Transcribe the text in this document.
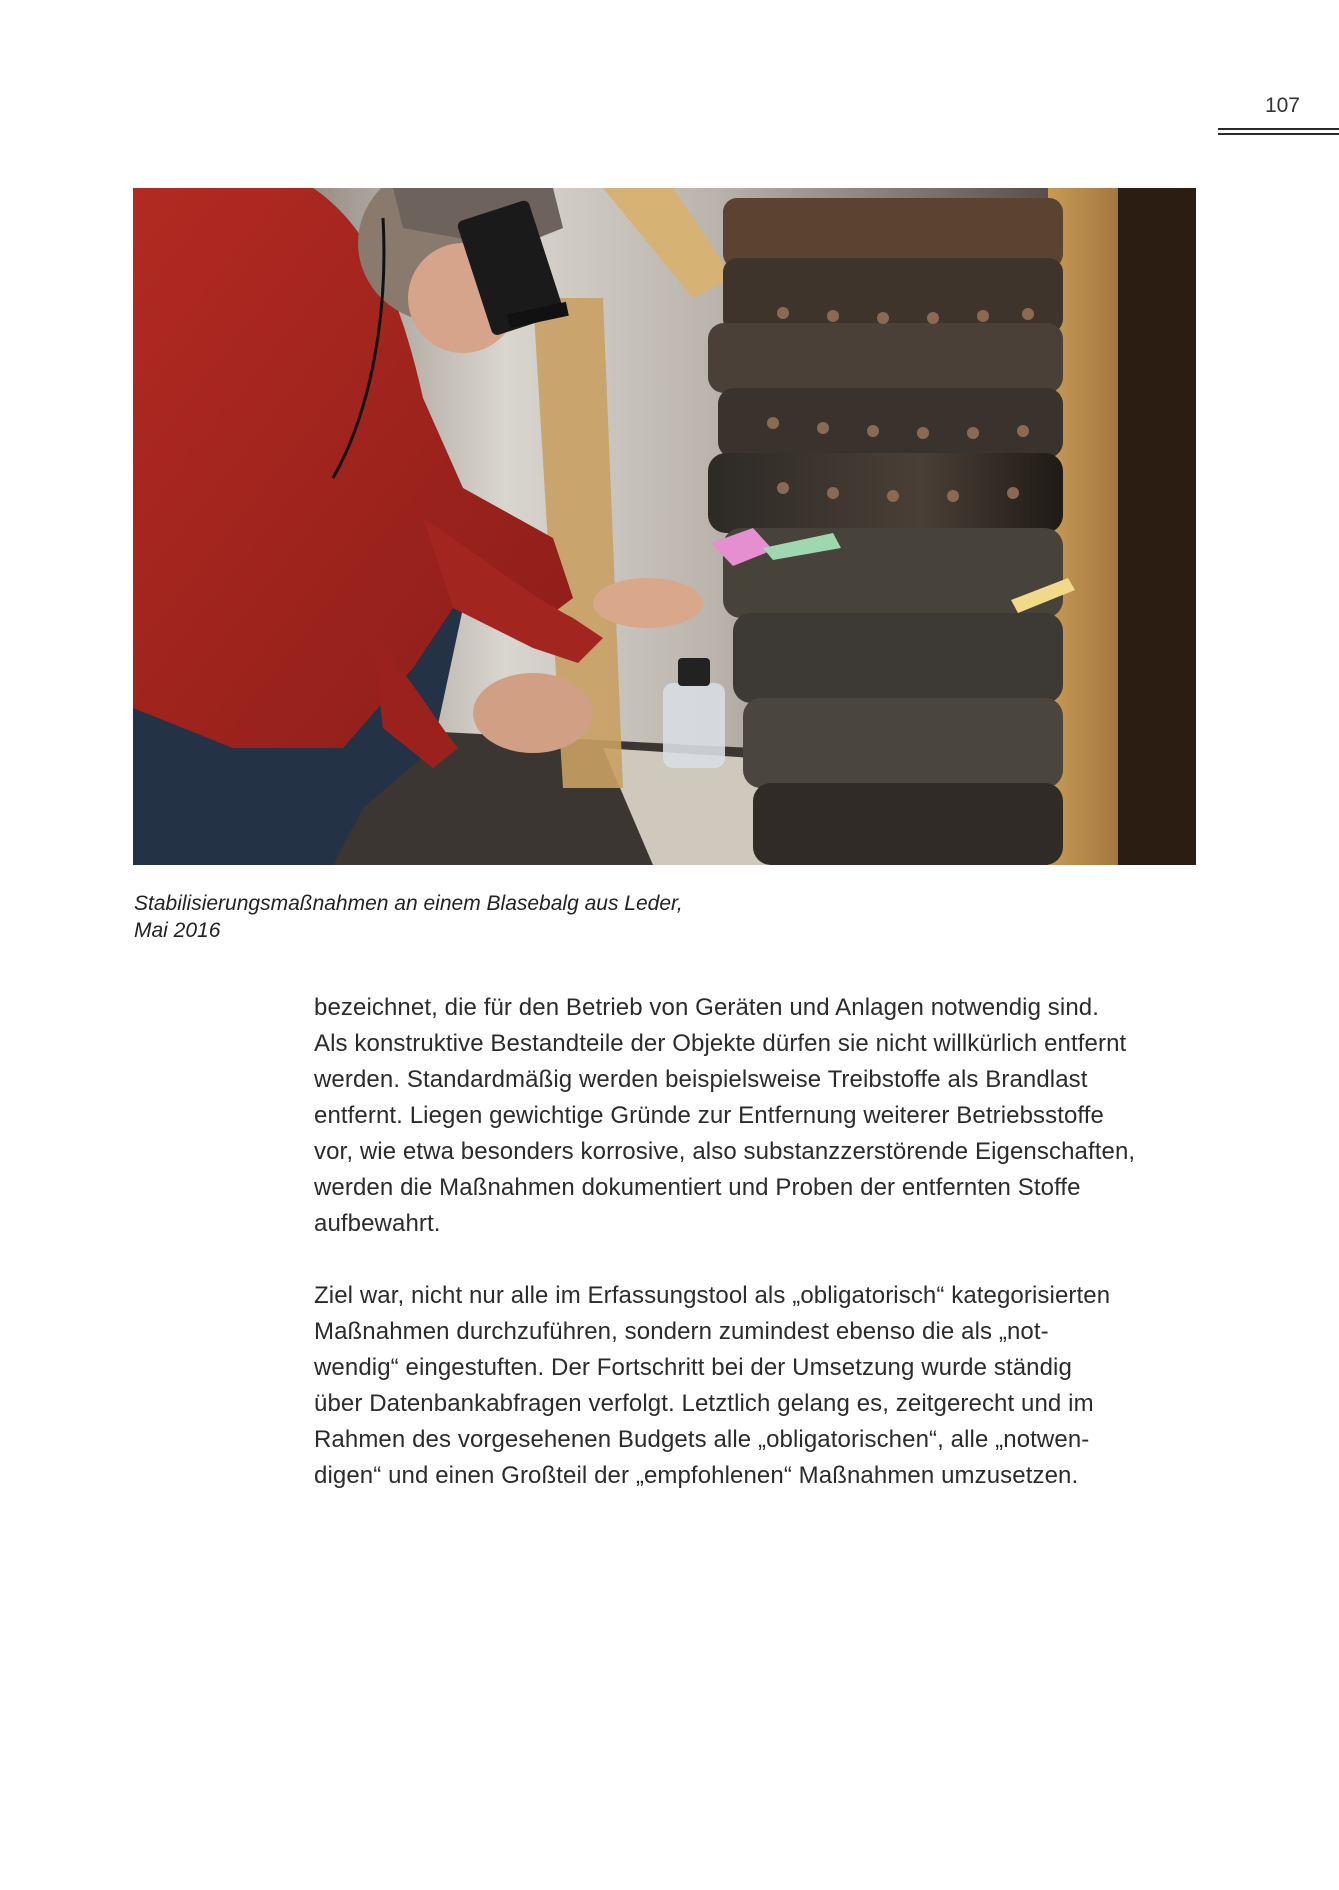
107
Stabilisierungsmaßnahmen an einem Blasebalg aus Leder,
Mai 2016

bezeichnet, die für den Betrieb von Geräten und Anlagen notwendig sind.
Als konstruktive Bestandteile der Objekte dürfen sie nicht willkürlich entfernt
werden. Standardmäßig werden beispielsweise Treibstoffe als Brandlast
entfernt. Liegen gewichtige Gründe zur Entfernung weiterer Betriebsstoffe
vor, wie etwa besonders korrosive, also substanzzerstörende Eigenschaften,
werden die Maßnahmen dokumentiert und Proben der entfernten Stoffe
aufbewahrt.

Ziel war, nicht nur alle im Erfassungstool als „obligatorisch“ kategorisierten
Maßnahmen durchzuführen, sondern zumindest ebenso die als „not-
wendig“ eingestuften. Der Fortschritt bei der Umsetzung wurde ständig
über Datenbankabfragen verfolgt. Letztlich gelang es, zeitgerecht und im
Rahmen des vorgesehenen Budgets alle „obligatorischen“, alle „notwen-
digen“ und einen Großteil der „empfohlenen“ Maßnahmen umzusetzen.
